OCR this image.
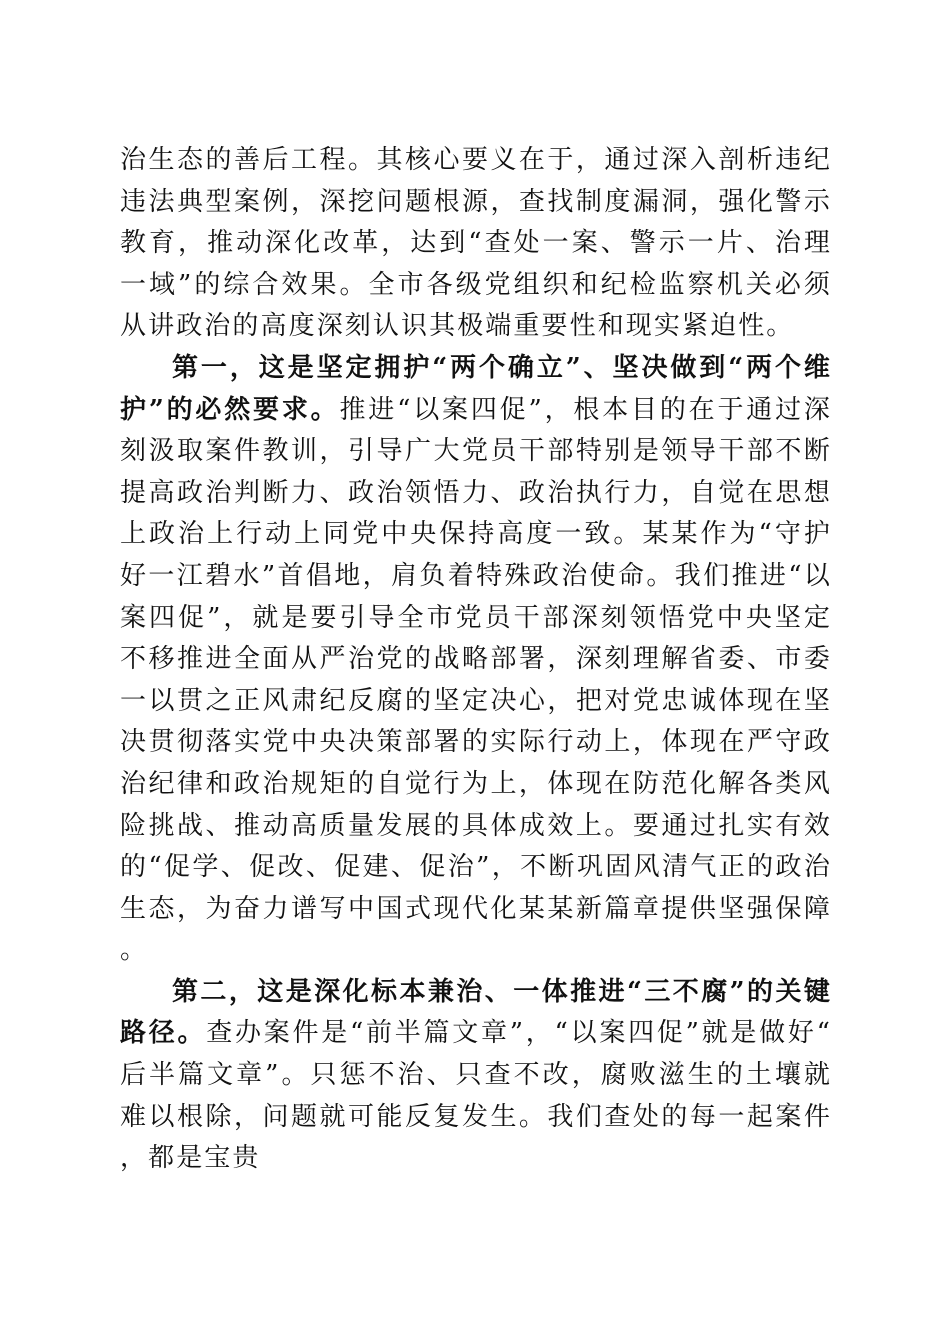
治生态的善后工程。其核心要义在于，通过深入剖析违纪违法典型案例，深挖问题根源，查找制度漏洞，强化警示教育，推动深化改革，达到“查处一案、警示一片、治理一域”的综合效果。全市各级党组织和纪检监察机关必须从讲政治的高度深刻认识其极端重要性和现实紧迫性。

第一，这是坚定拥护“两个确立”、坚决做到“两个维护”的必然要求。推进“以案四促”，根本目的在于通过深刻汲取案件教训，引导广大党员干部特别是领导干部不断提高政治判断力、政治领悟力、政治执行力，自觉在思想上政治上行动上同党中央保持高度一致。某某作为“守护好一江碧水”首倡地，肩负着特殊政治使命。我们推进“以案四促”，就是要引导全市党员干部深刻领悟党中央坚定不移推进全面从严治党的战略部署，深刻理解省委、市委一以贯之正风肃纪反腐的坚定决心，把对党忠诚体现在坚决贯彻落实党中央决策部署的实际行动上，体现在严守政治纪律和政治规矩的自觉行为上，体现在防范化解各类风险挑战、推动高质量发展的具体成效上。要通过扎实有效的“促学、促改、促建、促治”，不断巩固风清气正的政治生态，为奋力谱写中国式现代化某某新篇章提供坚强保障。

第二，这是深化标本兼治、一体推进“三不腐”的关键路径。查办案件是“前半篇文章”，“以案四促”就是做好“后半篇文章”。只惩不治、只查不改，腐败滋生的土壤就难以根除，问题就可能反复发生。我们查处的每一起案件，都是宝贵
